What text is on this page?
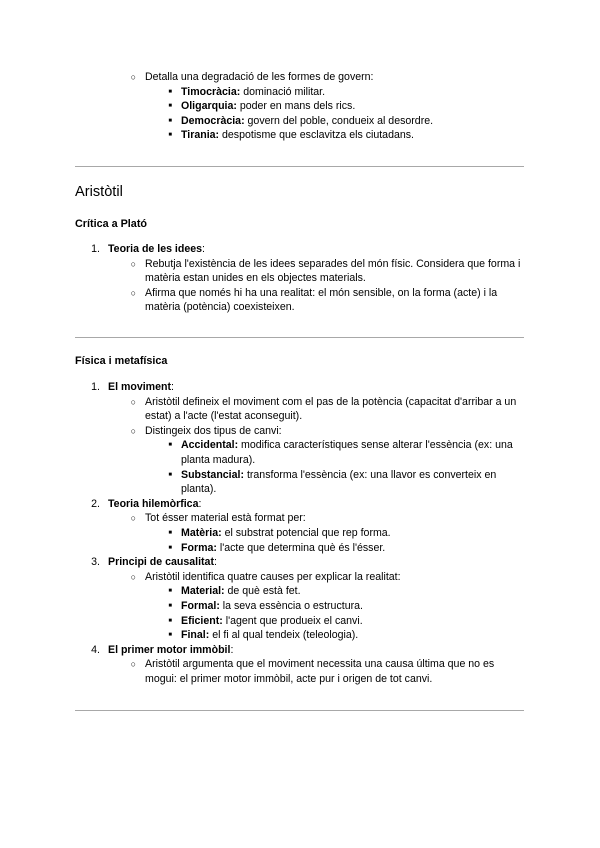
○ Detalla una degradació de les formes de govern:
■ Timocràcia: dominació militar.
■ Oligarquia: poder en mans dels rics.
■ Democràcia: govern del poble, condueix al desordre.
■ Tirania: despotisme que esclavitza els ciutadans.
Aristòtil
Crítica a Plató
1. Teoria de les idees:
○ Rebutja l'existència de les idees separades del món físic. Considera que forma i matèria estan unides en els objectes materials.
○ Afirma que només hi ha una realitat: el món sensible, on la forma (acte) i la matèria (potència) coexisteixen.
Física i metafísica
1. El moviment:
○ Aristòtil defineix el moviment com el pas de la potència (capacitat d'arribar a un estat) a l'acte (l'estat aconseguit).
○ Distingeix dos tipus de canvi:
■ Accidental: modifica característiques sense alterar l'essència (ex: una planta madura).
■ Substancial: transforma l'essència (ex: una llavor es converteix en planta).
2. Teoria hilemòrfica:
○ Tot ésser material està format per:
■ Matèria: el substrat potencial que rep forma.
■ Forma: l'acte que determina què és l'ésser.
3. Principi de causalitat:
○ Aristòtil identifica quatre causes per explicar la realitat:
■ Material: de què està fet.
■ Formal: la seva essència o estructura.
■ Eficient: l'agent que produeix el canvi.
■ Final: el fi al qual tendeix (teleologia).
4. El primer motor immòbil:
○ Aristòtil argumenta que el moviment necessita una causa última que no es mogui: el primer motor immòbil, acte pur i origen de tot canvi.
